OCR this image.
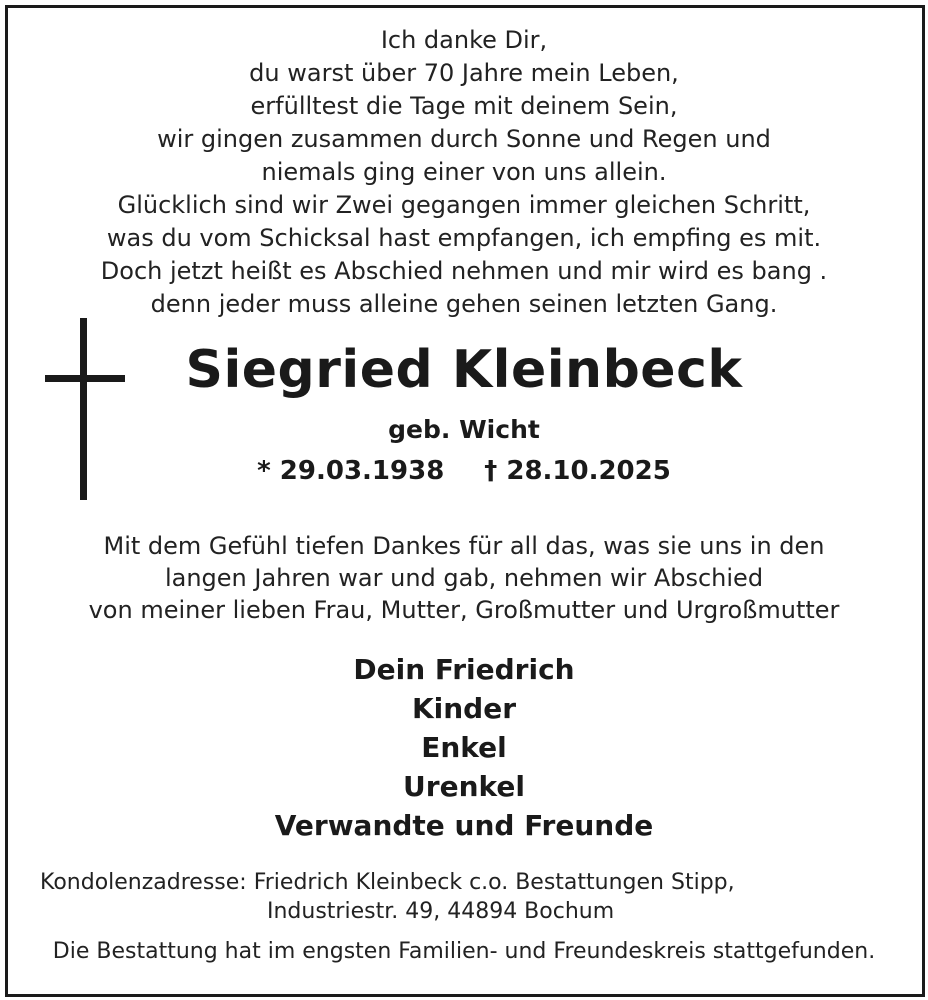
Ich danke Dir,
du warst über 70 Jahre mein Leben,
erfülltest die Tage mit deinem Sein,
wir gingen zusammen durch Sonne und Regen und
niemals ging einer von uns allein.
Glücklich sind wir Zwei gegangen immer gleichen Schritt,
was du vom Schicksal hast empfangen, ich empfing es mit.
Doch jetzt heißt es Abschied nehmen und mir wird es bang .
denn jeder muss alleine gehen seinen letzten Gang.
Siegried Kleinbeck
geb. Wicht
* 29.03.1938 † 28.10.2025
Mit dem Gefühl tiefen Dankes für all das, was sie uns in den
langen Jahren war und gab, nehmen wir Abschied
von meiner lieben Frau, Mutter, Großmutter und Urgroßmutter
Dein Friedrich
Kinder
Enkel
Urenkel
Verwandte und Freunde
Kondolenzadresse: Friedrich Kleinbeck c.o. Bestattungen Stipp,
Industriestr. 49, 44894 Bochum
Die Bestattung hat im engsten Familien- und Freundeskreis stattgefunden.
